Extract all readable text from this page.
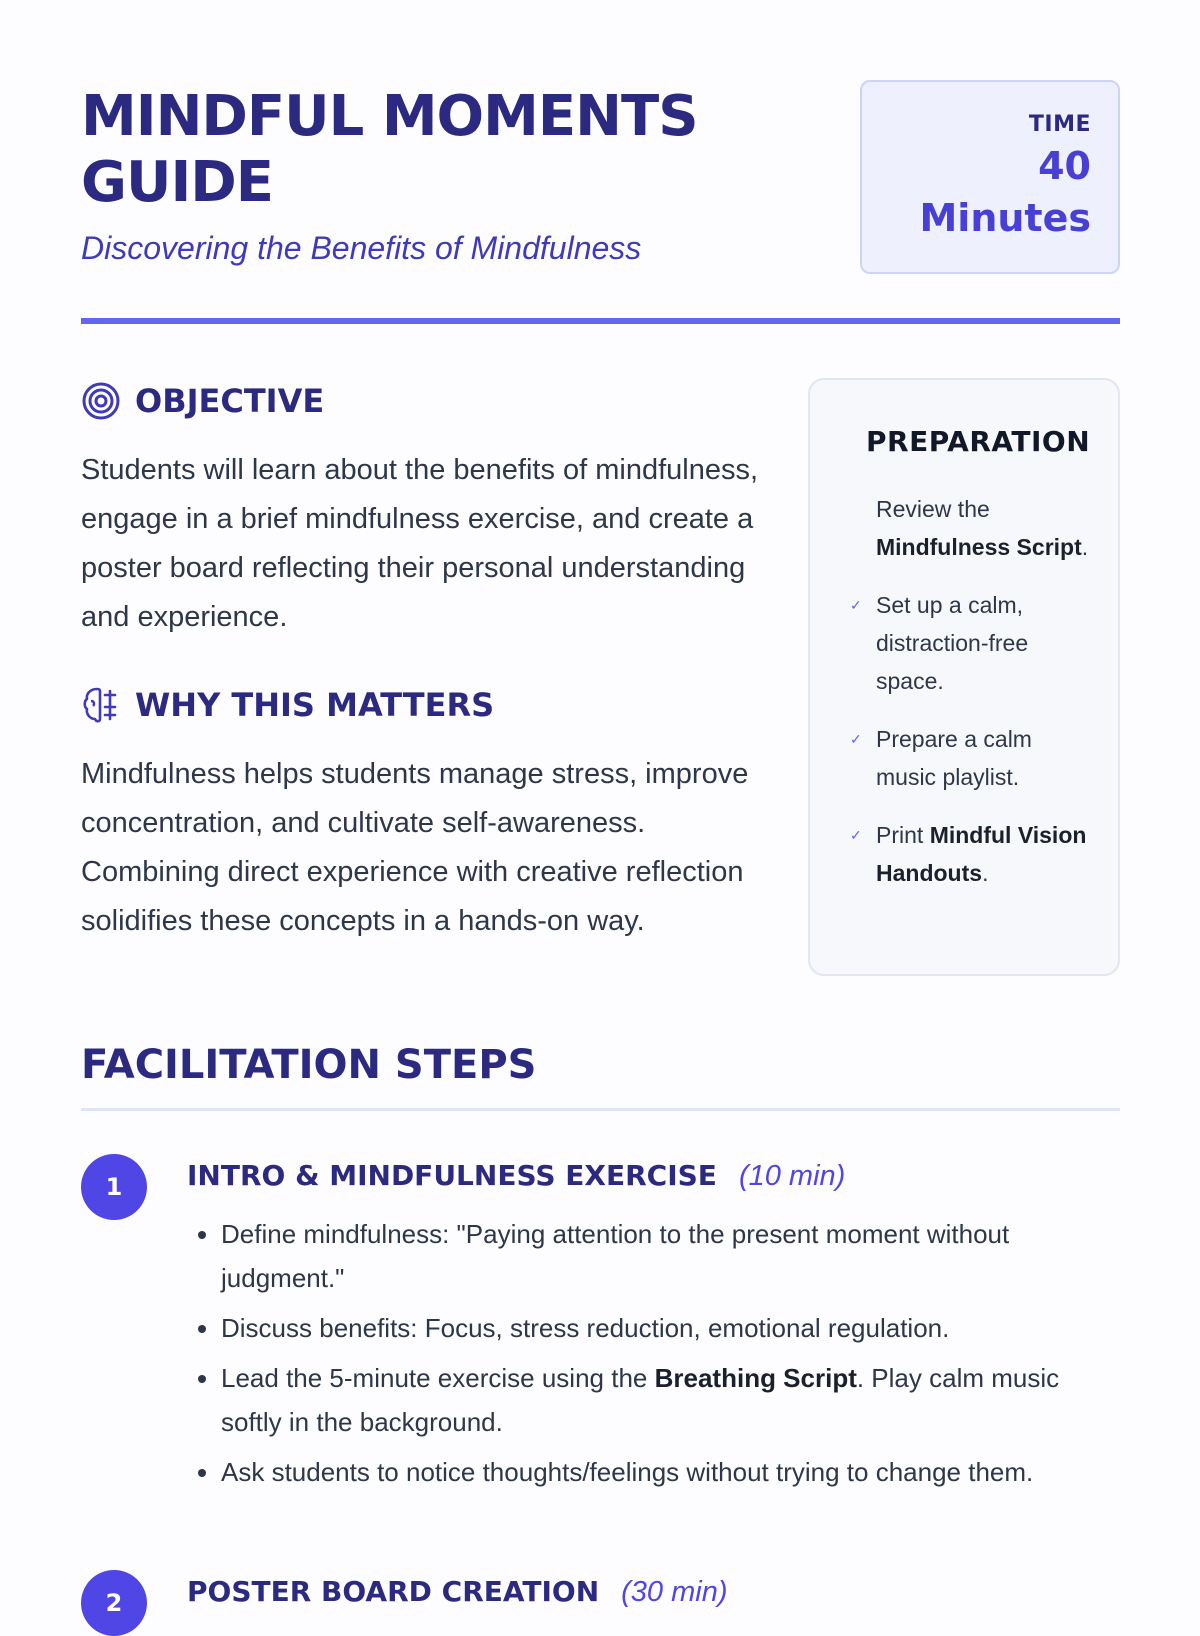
MINDFUL MOMENTS GUIDE

Discovering the Benefits of Mindfulness

TIME
40 Minutes
OBJECTIVE

Students will learn about the benefits of mindfulness, engage in a brief mindfulness exercise, and create a poster board reflecting their personal understanding and experience.

WHY THIS MATTERS

Mindfulness helps students manage stress, improve concentration, and cultivate self-awareness. Combining direct experience with creative reflection solidifies these concepts in a hands-on way.

PREPARATION
Review the Mindfulness Script.
✓ Set up a calm, distraction-free space.
✓ Prepare a calm music playlist.
✓ Print Mindful Vision Handouts.
FACILITATION STEPS
1	INTRO & MINDFULNESS EXERCISE (10 min)
• Define mindfulness: "Paying attention to the present moment without judgment."
• Discuss benefits: Focus, stress reduction, emotional regulation.
• Lead the 5-minute exercise using the Breathing Script. Play calm music softly in the background.
• Ask students to notice thoughts/feelings without trying to change them.
2	POSTER BOARD CREATION (30 min)
